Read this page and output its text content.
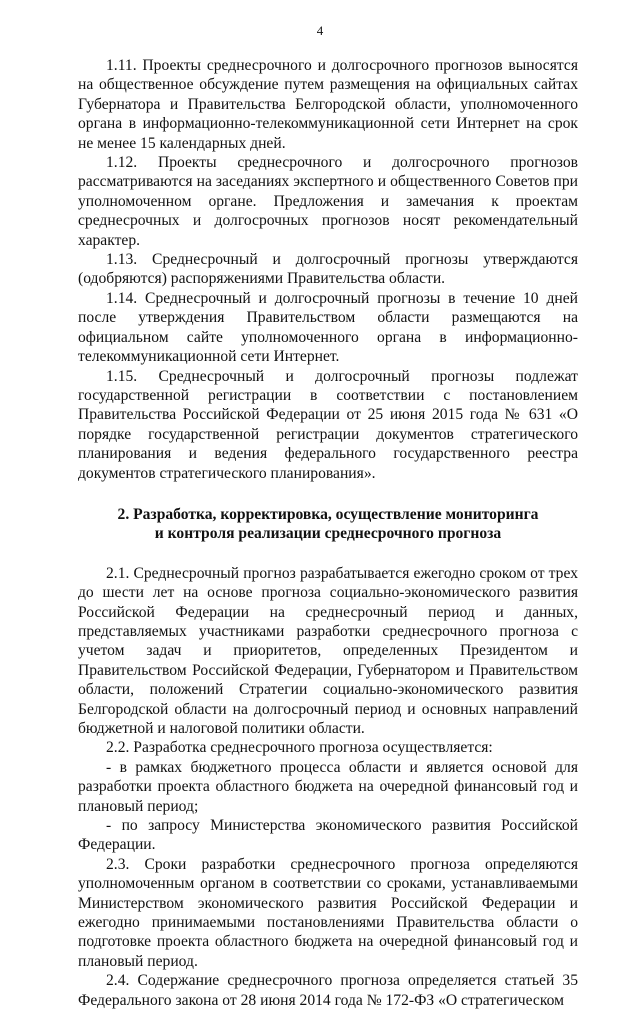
4

1.11. Проекты среднесрочного и долгосрочного прогнозов выносятся на общественное обсуждение путем размещения на официальных сайтах Губернатора и Правительства Белгородской области, уполномоченного органа в информационно-телекоммуникационной сети Интернет на срок не менее 15 календарных дней.

1.12. Проекты среднесрочного и долгосрочного прогнозов рассматриваются на заседаниях экспертного и общественного Советов при уполномоченном органе. Предложения и замечания к проектам среднесрочных и долгосрочных прогнозов носят рекомендательный характер.

1.13. Среднесрочный и долгосрочный прогнозы утверждаются (одобряются) распоряжениями Правительства области.

1.14. Среднесрочный и долгосрочный прогнозы в течение 10 дней после утверждения Правительством области размещаются на официальном сайте уполномоченного органа в информационно-телекоммуникационной сети Интернет.

1.15. Среднесрочный и долгосрочный прогнозы подлежат государственной регистрации в соответствии с постановлением Правительства Российской Федерации от 25 июня 2015 года № 631 «О порядке государственной регистрации документов стратегического планирования и ведения федерального государственного реестра документов стратегического планирования».

2. Разработка, корректировка, осуществление мониторинга
и контроля реализации среднесрочного прогноза

2.1. Среднесрочный прогноз разрабатывается ежегодно сроком от трех до шести лет на основе прогноза социально-экономического развития Российской Федерации на среднесрочный период и данных, представляемых участниками разработки среднесрочного прогноза с учетом задач и приоритетов, определенных Президентом и Правительством Российской Федерации, Губернатором и Правительством области, положений Стратегии социально-экономического развития Белгородской области на долгосрочный период и основных направлений бюджетной и налоговой политики области.

2.2. Разработка среднесрочного прогноза осуществляется:

- в рамках бюджетного процесса области и является основой для разработки проекта областного бюджета на очередной финансовый год и плановый период;

- по запросу Министерства экономического развития Российской Федерации.

2.3. Сроки разработки среднесрочного прогноза определяются уполномоченным органом в соответствии со сроками, устанавливаемыми Министерством экономического развития Российской Федерации и ежегодно принимаемыми постановлениями Правительства области о подготовке проекта областного бюджета на очередной финансовый год и плановый период.

2.4. Содержание среднесрочного прогноза определяется статьей 35 Федерального закона от 28 июня 2014 года № 172-ФЗ «О стратегическом
